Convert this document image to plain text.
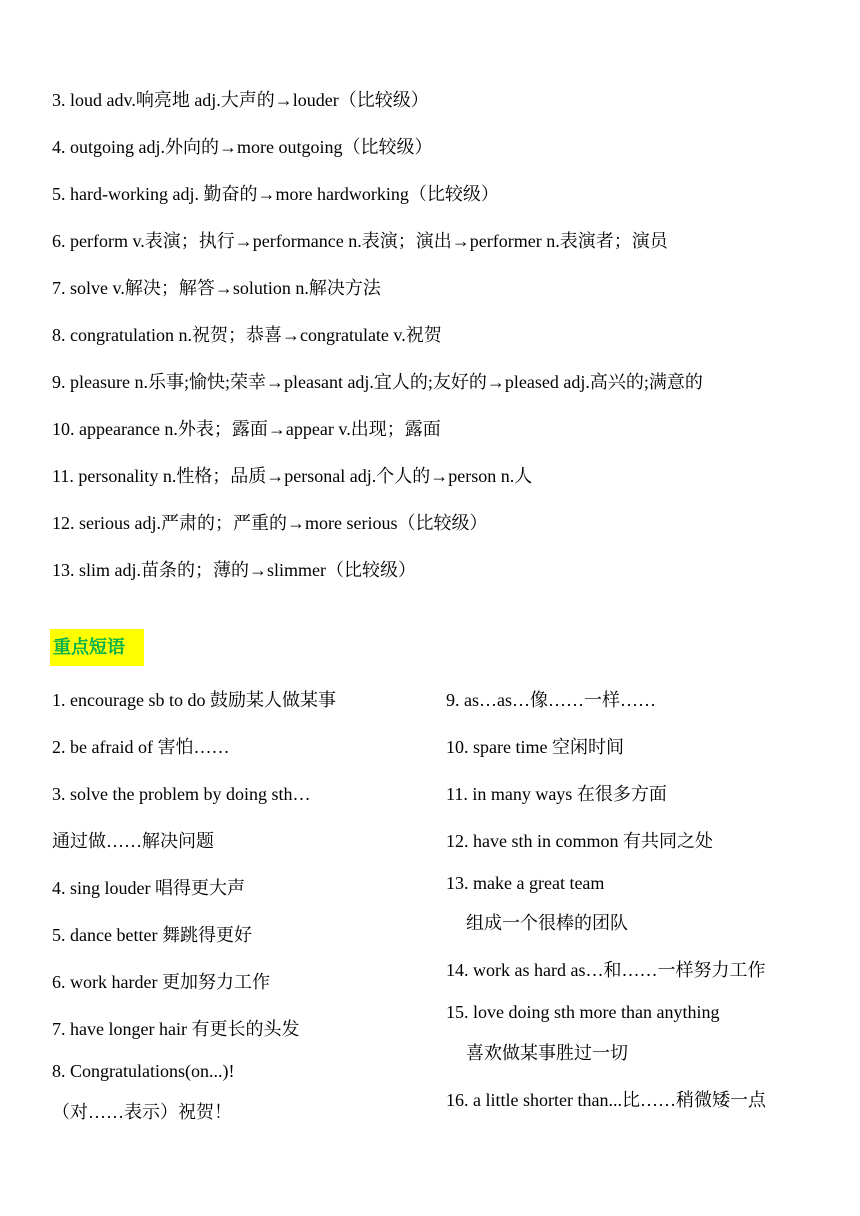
3. loud adv.响亮地 adj.大声的→louder（比较级）
4. outgoing adj.外向的→more outgoing（比较级）
5. hard-working adj. 勤奋的→more hardworking（比较级）
6. perform v.表演；执行→performance n.表演；演出→performer n.表演者；演员
7. solve v.解决；解答→solution n.解决方法
8. congratulation n.祝贺；恭喜→congratulate v.祝贺
9. pleasure n.乐事;愉快;荣幸→pleasant adj.宜人的;友好的→pleased adj.高兴的;满意的
10. appearance n.外表；露面→appear v.出现；露面
11. personality n.性格；品质→personal adj.个人的→person n.人
12. serious adj.严肃的；严重的→more serious（比较级）
13. slim adj.苗条的；薄的→slimmer（比较级）
重点短语
1. encourage sb to do 鼓励某人做某事
2. be afraid of 害怕……
3. solve the problem by doing sth…
通过做……解决问题
4. sing louder 唱得更大声
5. dance better 舞跳得更好
6. work harder 更加努力工作
7. have longer hair 有更长的头发
8. Congratulations(on...)!
（对……表示）祝贺！
9. as…as…像……一样……
10. spare time 空闲时间
11. in many ways 在很多方面
12. have sth in common 有共同之处
13. make a great team
组成一个很棒的团队
14. work as hard as…和……一样努力工作
15. love doing sth more than anything
喜欢做某事胜过一切
16. a little shorter than...比……稍微矮一点
